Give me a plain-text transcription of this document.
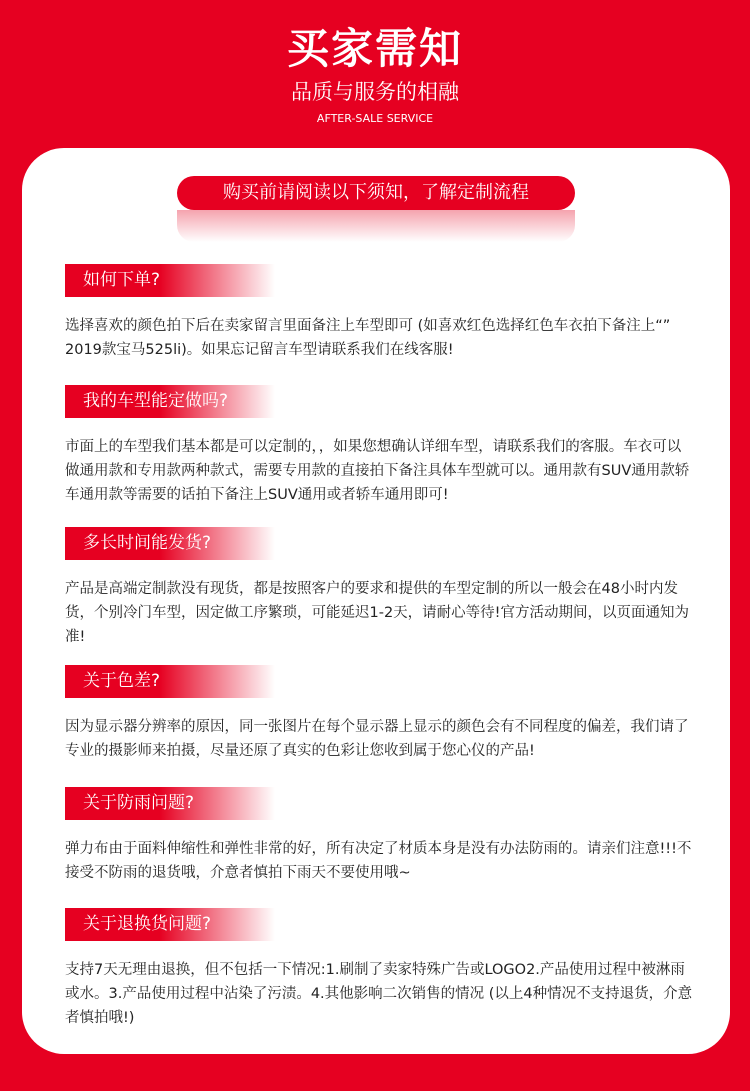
买家需知
品质与服务的相融
AFTER-SALE SERVICE
购买前请阅读以下须知，了解定制流程
如何下单?
选择喜欢的颜色拍下后在卖家留言里面备注上车型即可 (如喜欢红色选择红色车衣拍下备注上“” 2019款宝马525li)。如果忘记留言车型请联系我们在线客服!
我的车型能定做吗?
市面上的车型我们基本都是可以定制的，，如果您想确认详细车型，请联系我们的客服。车衣可以做通用款和专用款两种款式，需要专用款的直接拍下备注具体车型就可以。通用款有SUV通用款轿车通用款等需要的话拍下备注上SUV通用或者轿车通用即可!
多长时间能发货?
产品是高端定制款没有现货，都是按照客户的要求和提供的车型定制的所以一般会在48小时内发货，个别冷门车型，因定做工序繁琐，可能延迟1-2天，请耐心等待!官方活动期间，以页面通知为准!
关于色差?
因为显示器分辨率的原因，同一张图片在每个显示器上显示的颜色会有不同程度的偏差，我们请了专业的摄影师来拍摄，尽量还原了真实的色彩让您收到属于您心仪的产品!
关于防雨问题?
弹力布由于面料伸缩性和弹性非常的好，所有决定了材质本身是没有办法防雨的。请亲们注意!!!不接受不防雨的退货哦，介意者慎拍下雨天不要使用哦~
关于退换货问题?
支持7天无理由退换，但不包括一下情况:1.刷制了卖家特殊广告或LOGO2.产品使用过程中被淋雨或水。3.产品使用过程中沾染了污渍。4.其他影响二次销售的情况 (以上4种情况不支持退货，介意者慎拍哦!)
